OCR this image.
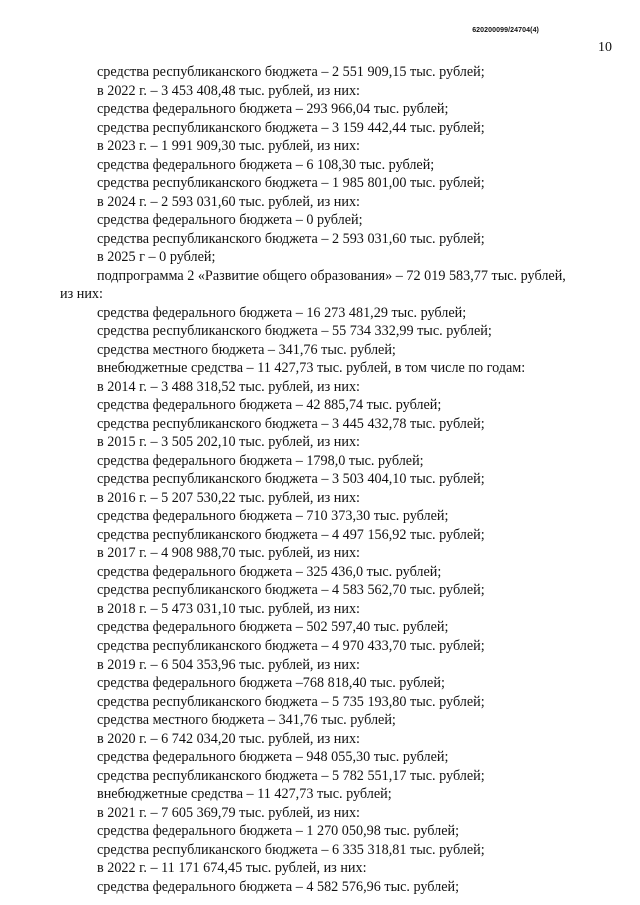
620200099/24704(4)
10
средства республиканского бюджета – 2 551 909,15 тыс. рублей;
в 2022 г. – 3 453 408,48 тыс. рублей, из них:
средства федерального бюджета – 293 966,04 тыс. рублей;
средства республиканского бюджета – 3 159 442,44 тыс. рублей;
в 2023 г. – 1 991 909,30 тыс. рублей, из них:
средства федерального бюджета – 6 108,30 тыс. рублей;
средства республиканского бюджета – 1 985 801,00 тыс. рублей;
в 2024 г. – 2 593 031,60 тыс. рублей, из них:
средства федерального бюджета – 0 рублей;
средства республиканского бюджета – 2 593 031,60 тыс. рублей;
в 2025 г – 0 рублей;
подпрограмма 2 «Развитие общего образования» – 72 019 583,77 тыс. рублей,
из них:
средства федерального бюджета – 16 273 481,29 тыс. рублей;
средства республиканского бюджета – 55 734 332,99 тыс. рублей;
средства местного бюджета – 341,76 тыс. рублей;
внебюджетные средства – 11 427,73 тыс. рублей, в том числе по годам:
в 2014 г. – 3 488 318,52 тыс. рублей, из них:
средства федерального бюджета – 42 885,74 тыс. рублей;
средства республиканского бюджета – 3 445 432,78 тыс. рублей;
в 2015 г. – 3 505 202,10 тыс. рублей, из них:
средства федерального бюджета – 1798,0 тыс. рублей;
средства республиканского бюджета – 3 503 404,10 тыс. рублей;
в 2016 г. – 5 207 530,22 тыс. рублей, из них:
средства федерального бюджета – 710 373,30 тыс. рублей;
средства республиканского бюджета – 4 497 156,92 тыс. рублей;
в 2017 г. – 4 908 988,70 тыс. рублей, из них:
средства федерального бюджета – 325 436,0 тыс. рублей;
средства республиканского бюджета – 4 583 562,70 тыс. рублей;
в 2018 г. – 5 473 031,10 тыс. рублей, из них:
средства федерального бюджета – 502 597,40 тыс. рублей;
средства республиканского бюджета – 4 970 433,70 тыс. рублей;
в 2019 г. – 6 504 353,96 тыс. рублей, из них:
средства федерального бюджета –768 818,40 тыс. рублей;
средства республиканского бюджета – 5 735 193,80 тыс. рублей;
средства местного бюджета – 341,76 тыс. рублей;
в 2020 г. – 6 742 034,20 тыс. рублей, из них:
средства федерального бюджета – 948 055,30 тыс. рублей;
средства республиканского бюджета – 5 782 551,17 тыс. рублей;
внебюджетные средства – 11 427,73 тыс. рублей;
в 2021 г. – 7 605 369,79 тыс. рублей, из них:
средства федерального бюджета – 1 270 050,98 тыс. рублей;
средства республиканского бюджета – 6 335 318,81 тыс. рублей;
в 2022 г. – 11 171 674,45 тыс. рублей, из них:
средства федерального бюджета – 4 582 576,96 тыс. рублей;
